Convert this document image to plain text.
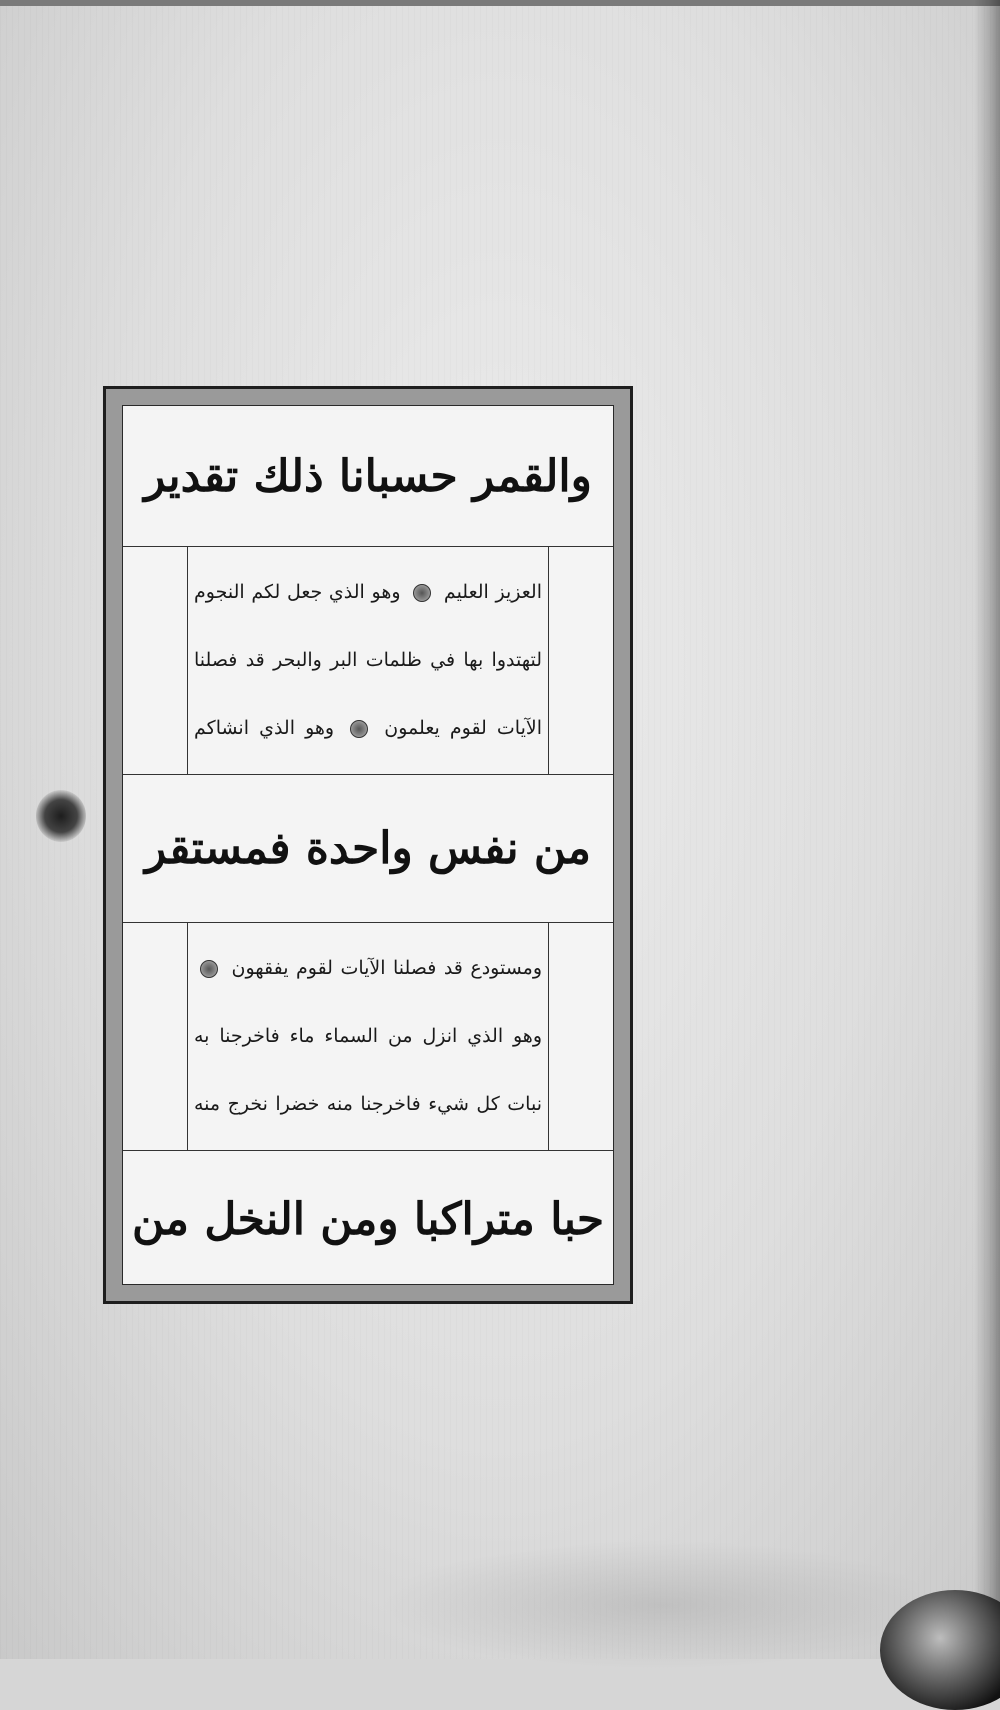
والقمر حسبانا ذلك تقدير
العزيز العليم  وهو الذي جعل لكم النجوم
لتهتدوا بها في ظلمات البر والبحر قد فصلنا
الآيات لقوم يعلمون  وهو الذي انشاكم
من نفس واحدة فمستقر
ومستودع قد فصلنا الآيات لقوم يفقهون
وهو الذي انزل من السماء ماء فاخرجنا به
نبات كل شيء فاخرجنا منه خضرا نخرج منه
حبا متراكبا ومن النخل من
